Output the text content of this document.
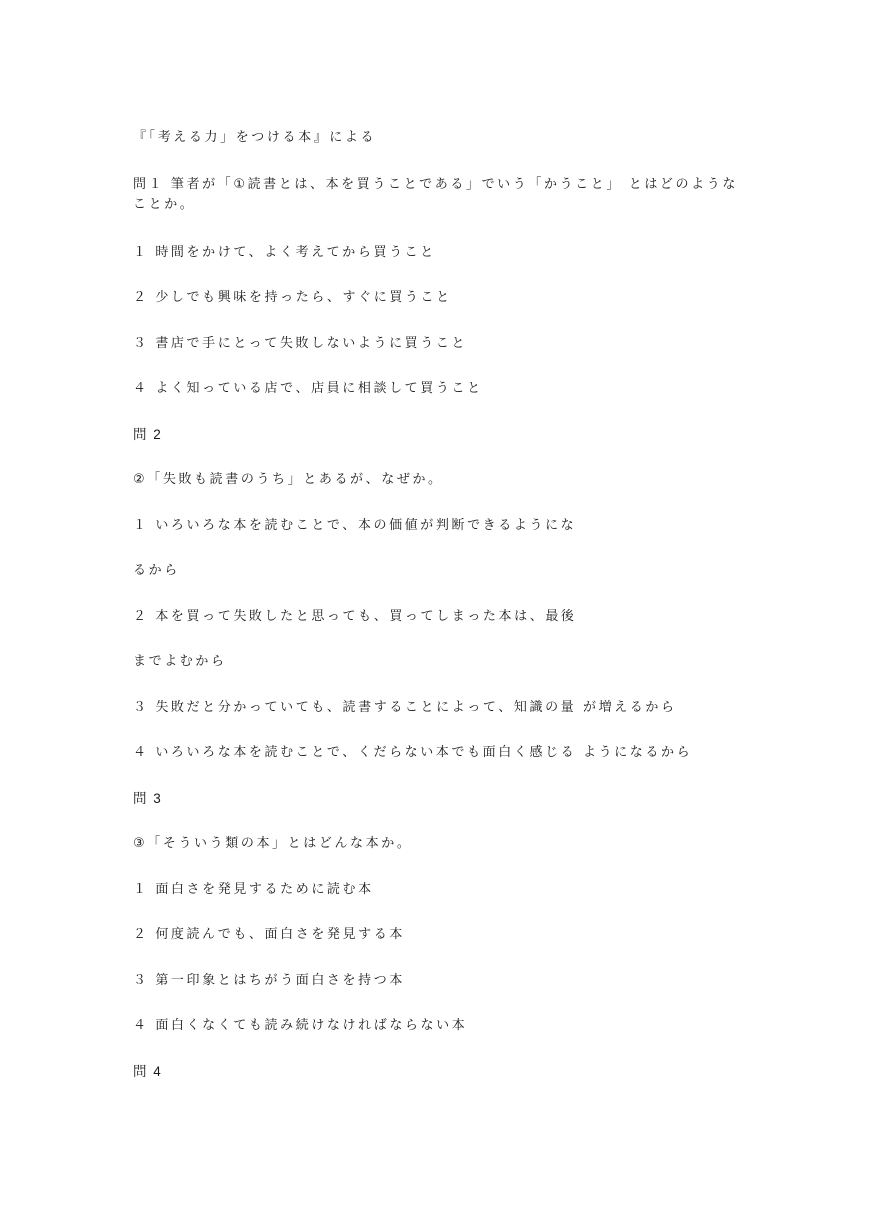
『「考える力」をつける本』による
問１ 筆者が「①読書とは、本を買うことである」でいう「かうこと」 とはどのようなことか。
１ 時間をかけて、よく考えてから買うこと
２ 少しでも興味を持ったら、すぐに買うこと
３ 書店で手にとって失敗しないように買うこと
４ よく知っている店で、店員に相談して買うこと
問 2
②「失敗も読書のうち」とあるが、なぜか。
１ いろいろな本を読むことで、本の価値が判断できるようにな
るから
２ 本を買って失敗したと思っても、買ってしまった本は、最後
までよむから
３ 失敗だと分かっていても、読書することによって、知識の量 が増えるから
４ いろいろな本を読むことで、くだらない本でも面白く感じる ようになるから
問 3
③「そういう類の本」とはどんな本か。
１ 面白さを発見するために読む本
２ 何度読んでも、面白さを発見する本
３ 第一印象とはちがう面白さを持つ本
４ 面白くなくても読み続けなければならない本
問 4
